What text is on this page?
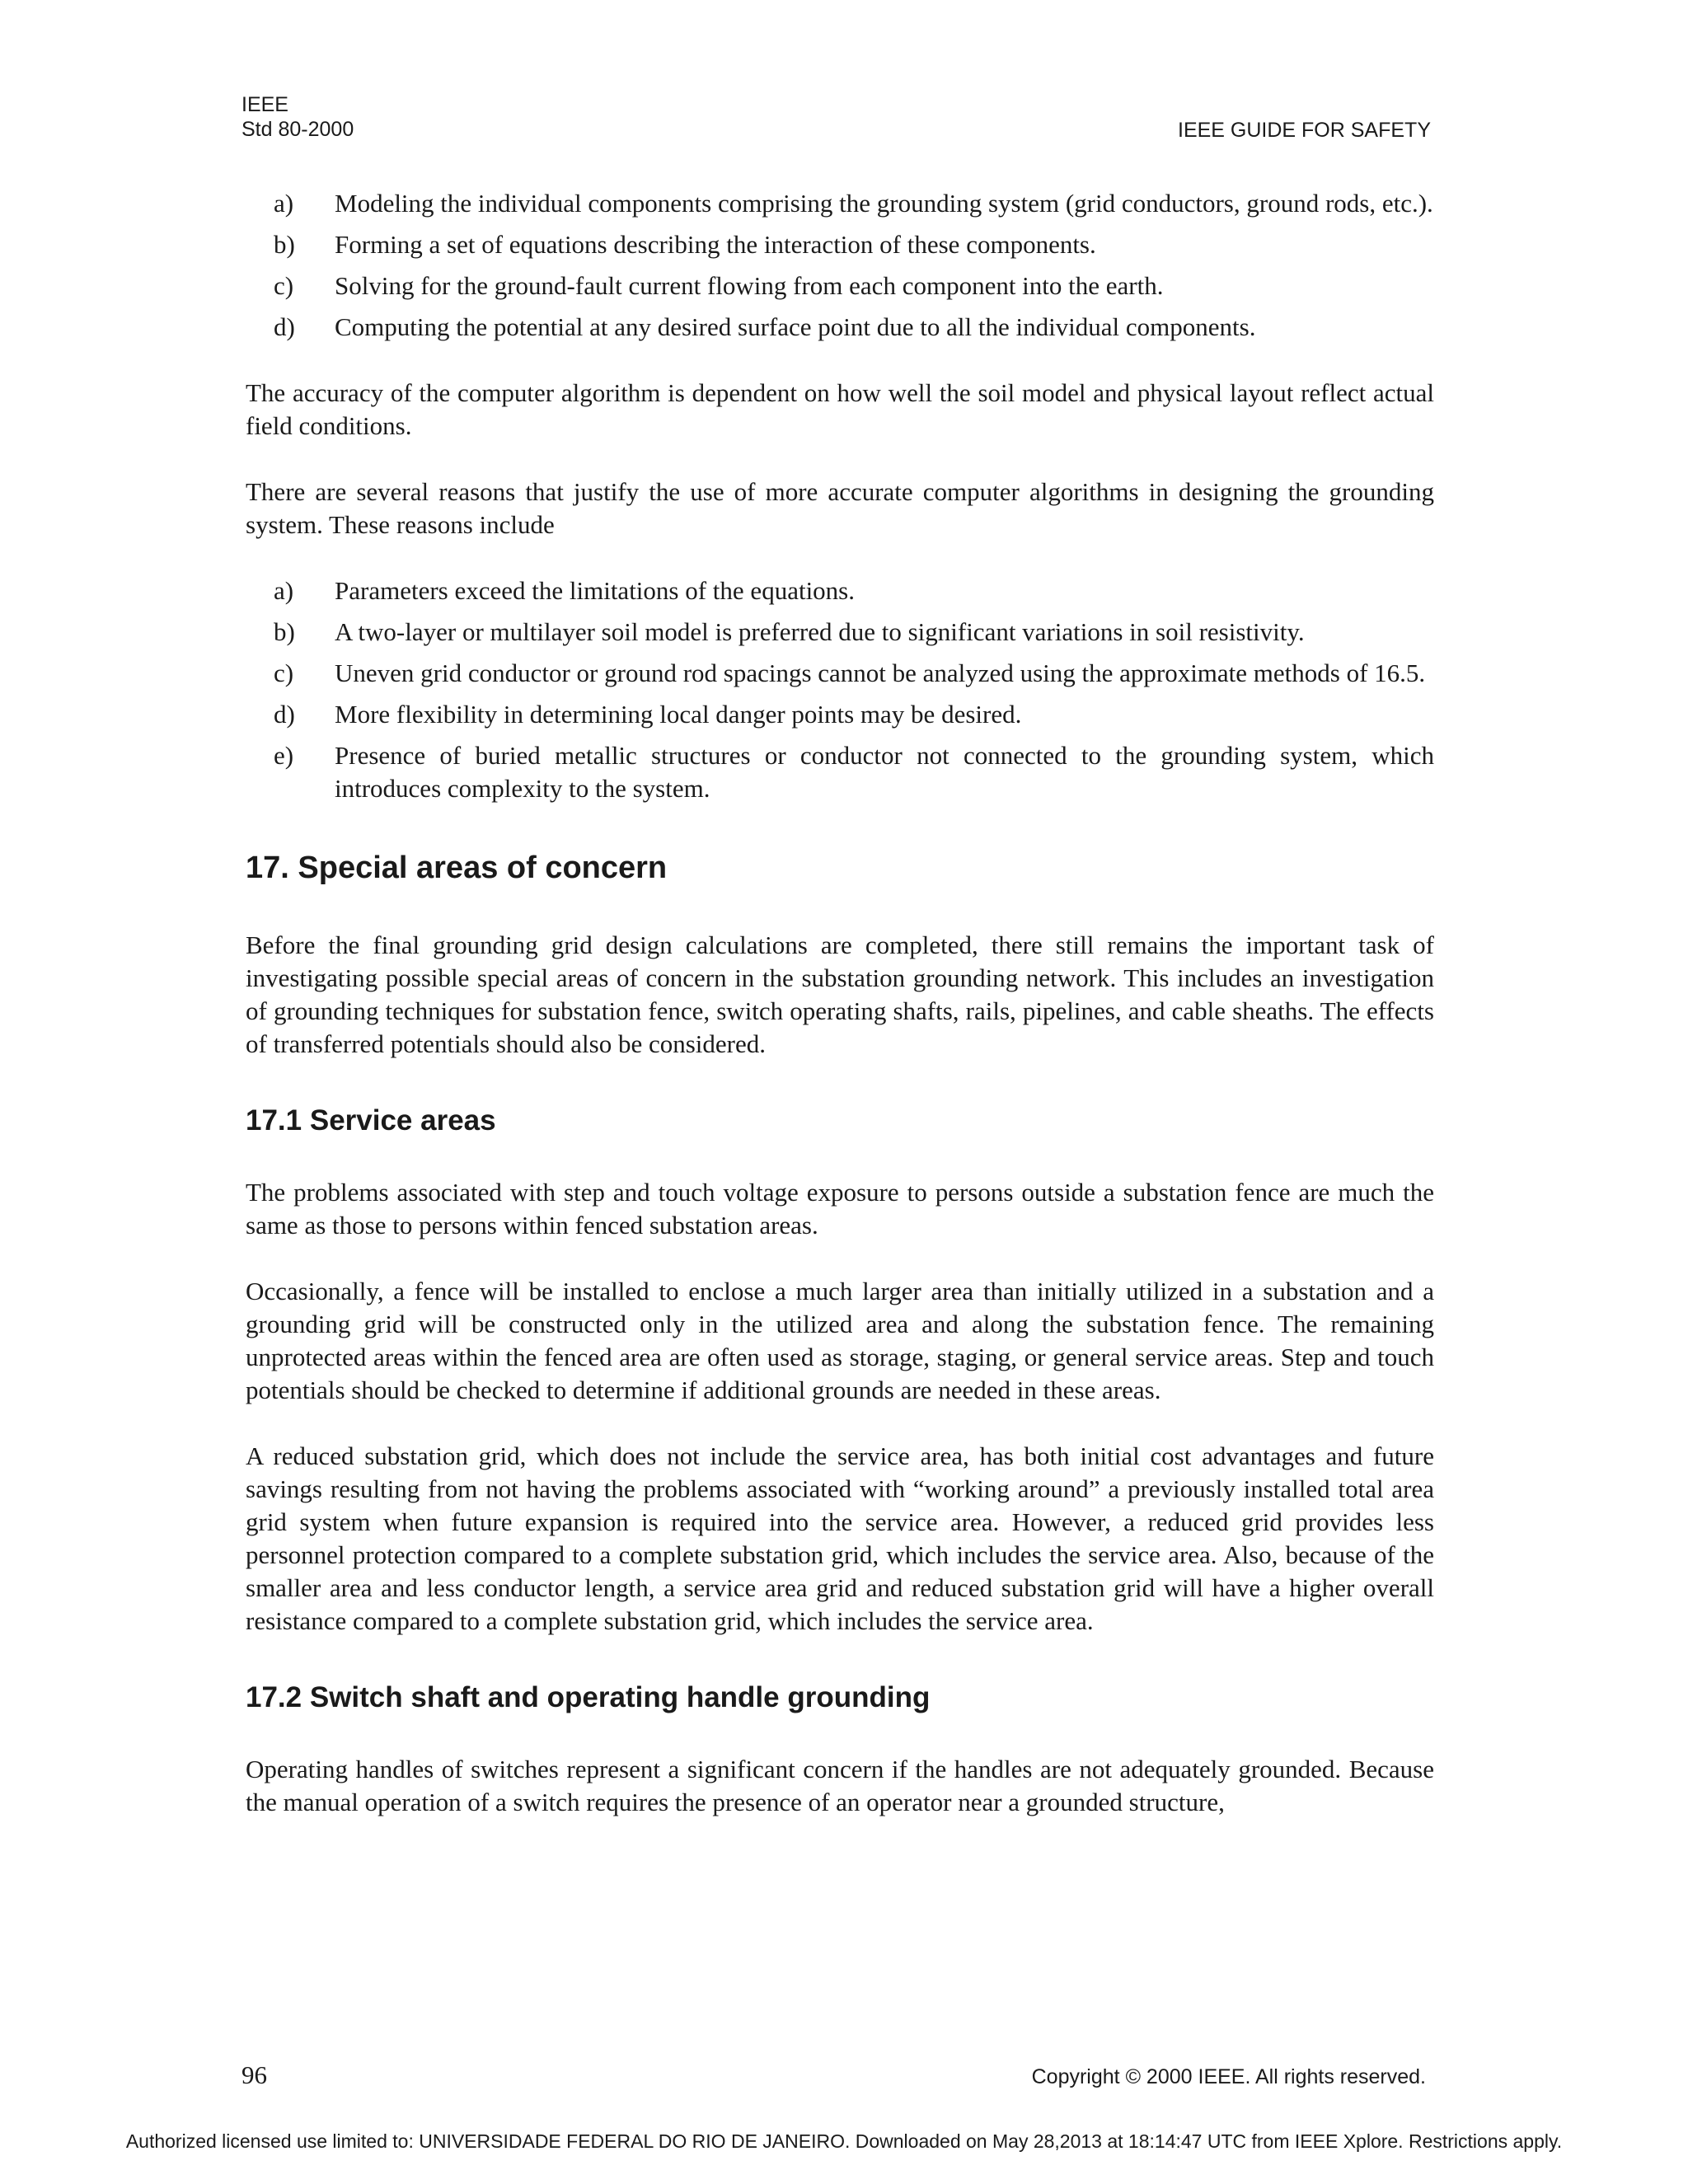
IEEE
Std 80-2000	IEEE GUIDE FOR SAFETY
a)	Modeling the individual components comprising the grounding system (grid conductors, ground rods, etc.).
b)	Forming a set of equations describing the interaction of these components.
c)	Solving for the ground-fault current flowing from each component into the earth.
d)	Computing the potential at any desired surface point due to all the individual components.

The accuracy of the computer algorithm is dependent on how well the soil model and physical layout reflect actual field conditions.

There are several reasons that justify the use of more accurate computer algorithms in designing the grounding system. These reasons include

a)	Parameters exceed the limitations of the equations.
b)	A two-layer or multilayer soil model is preferred due to significant variations in soil resistivity.
c)	Uneven grid conductor or ground rod spacings cannot be analyzed using the approximate methods of 16.5.
d)	More flexibility in determining local danger points may be desired.
e)	Presence of buried metallic structures or conductor not connected to the grounding system, which introduces complexity to the system.
17. Special areas of concern

Before the final grounding grid design calculations are completed, there still remains the important task of investigating possible special areas of concern in the substation grounding network. This includes an investigation of grounding techniques for substation fence, switch operating shafts, rails, pipelines, and cable sheaths. The effects of transferred potentials should also be considered.

17.1 Service areas

The problems associated with step and touch voltage exposure to persons outside a substation fence are much the same as those to persons within fenced substation areas.

Occasionally, a fence will be installed to enclose a much larger area than initially utilized in a substation and a grounding grid will be constructed only in the utilized area and along the substation fence. The remaining unprotected areas within the fenced area are often used as storage, staging, or general service areas. Step and touch potentials should be checked to determine if additional grounds are needed in these areas.

A reduced substation grid, which does not include the service area, has both initial cost advantages and future savings resulting from not having the problems associated with “working around” a previously installed total area grid system when future expansion is required into the service area. However, a reduced grid provides less personnel protection compared to a complete substation grid, which includes the service area. Also, because of the smaller area and less conductor length, a service area grid and reduced substation grid will have a higher overall resistance compared to a complete substation grid, which includes the service area.

17.2 Switch shaft and operating handle grounding

Operating handles of switches represent a significant concern if the handles are not adequately grounded. Because the manual operation of a switch requires the presence of an operator near a grounded structure,

96	Copyright © 2000 IEEE. All rights reserved.
Authorized licensed use limited to: UNIVERSIDADE FEDERAL DO RIO DE JANEIRO. Downloaded on May 28,2013 at 18:14:47 UTC from IEEE Xplore. Restrictions apply.
